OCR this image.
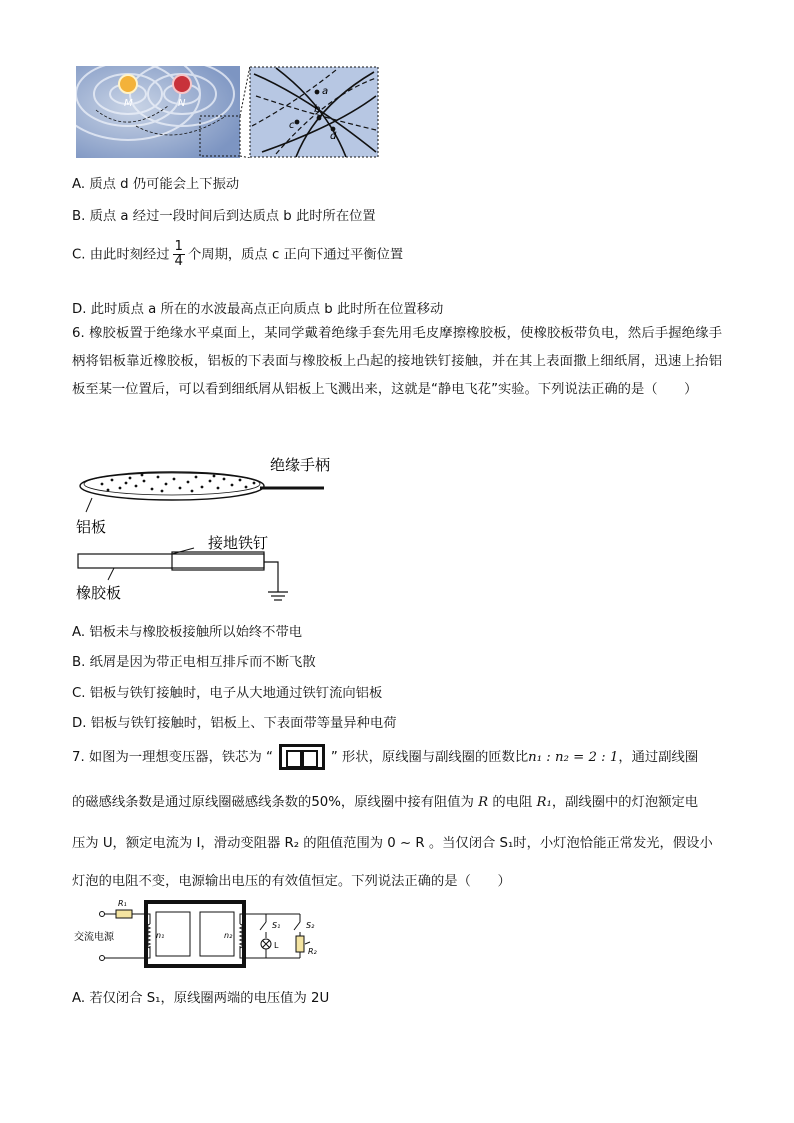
M	N
a
b
c
d
A. 质点 d 仍可能会上下振动
B. 质点 a 经过一段时间后到达质点 b 此时所在位置
C. 由此时刻经过 $\frac{1}{4}$ 个周期，质点 c 正向下通过平衡位置
D. 此时质点 a 所在的水波最高点正向质点 b 此时所在位置移动
6. 橡胶板置于绝缘水平桌面上，某同学戴着绝缘手套先用毛皮摩擦橡胶板，使橡胶板带负电，然后手握绝缘手柄将铝板靠近橡胶板，铝板的下表面与橡胶板上凸起的接地铁钉接触，并在其上表面撒上细纸屑，迅速上抬铝板至某一位置后，可以看到细纸屑从铝板上飞溅出来，这就是“静电飞花”实验。下列说法正确的是（　　）
绝缘手柄
铝板
接地铁钉
橡胶板
A. 铝板未与橡胶板接触所以始终不带电
B. 纸屑是因为带正电相互排斥而不断飞散
C. 铝板与铁钉接触时，电子从大地通过铁钉流向铝板
D. 铝板与铁钉接触时，铝板上、下表面带等量异种电荷
7. 如图为一理想变压器，铁芯为 “	” 形状，原线圈与副线圈的匝数比n₁ : n₂ = 2 : 1，通过副线圈
的磁感线条数是通过原线圈磁感线条数的50%，原线圈中接有阻值为 R 的电阻 R₁，副线圈中的灯泡额定电
压为 U，额定电流为 I，滑动变阻器 R₂ 的阻值范围为 0 ~ R 。当仅闭合 S₁时，小灯泡恰能正常发光，假设小
灯泡的电阻不变，电源输出电压的有效值恒定。下列说法正确的是（　　）
交流电源
R₁
n₁	n₂
S₁
L
S₂
R₂
A. 若仅闭合 S₁，原线圈两端的电压值为 2U
